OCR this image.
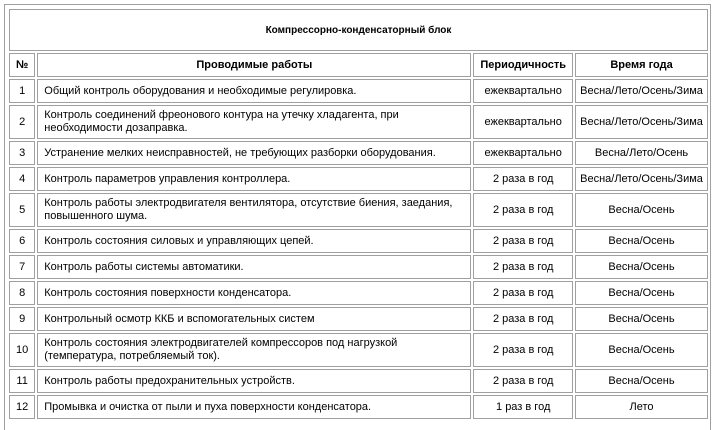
Компрессорно-конденсаторный блок			
№	Проводимые работы	Периодичность	Время года
1	Общий контроль оборудования и необходимые регулировка.	ежеквартально	Весна/Лето/Осень/Зима
2	Контроль соединений фреонового контура на утечку хладагента, при необходимости дозаправка.	ежеквартально	Весна/Лето/Осень/Зима
3	Устранение мелких неисправностей, не требующих разборки оборудования.	ежеквартально	Весна/Лето/Осень
4	Контроль параметров управления контроллера.	2 раза в год	Весна/Лето/Осень/Зима
5	Контроль работы электродвигателя вентилятора, отсутствие биения, заедания, повышенного шума.	2 раза в год	Весна/Осень
6	Контроль состояния силовых и управляющих цепей.	2 раза в год	Весна/Осень
7	Контроль работы системы автоматики.	2 раза в год	Весна/Осень
8	Контроль состояния поверхности конденсатора.	2 раза в год	Весна/Осень
9	Контрольный осмотр ККБ и вспомогательных систем	2 раза в год	Весна/Осень
10	Контроль состояния электродвигателей компрессоров под нагрузкой (температура, потребляемый ток).	2 раза в год	Весна/Осень
11	Контроль работы предохранительных устройств.	2 раза в год	Весна/Осень
12	Промывка и очистка от пыли и пуха поверхности конденсатора.	1 раз в год	Лето
